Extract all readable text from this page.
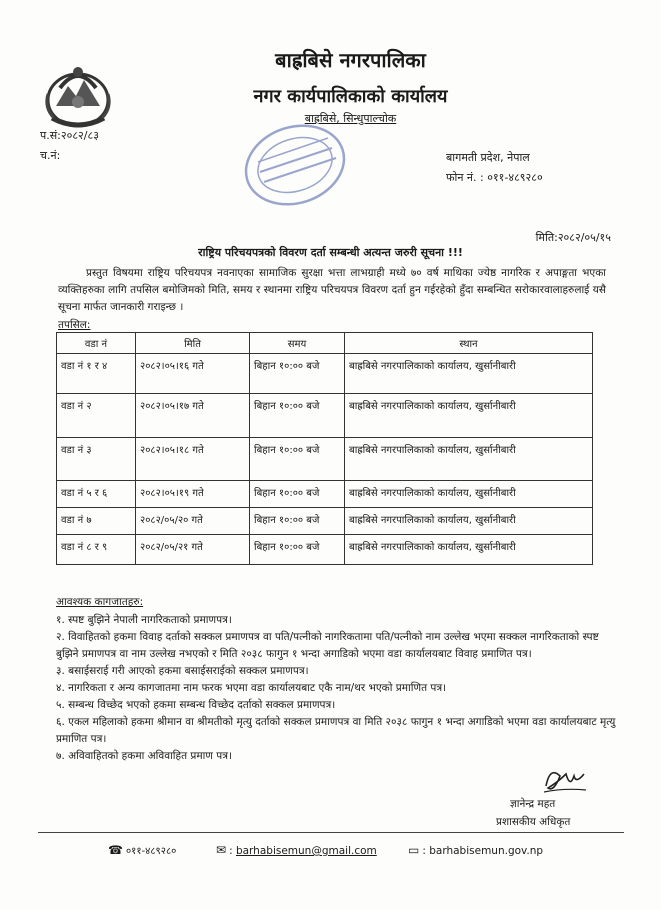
बाह्रबिसे नगरपालिका
नगर कार्यपालिकाको कार्यालय
बाह्रबिसे, सिन्धुपाल्चोक
प.सं:२०८२/८३
च.नं:	बागमती प्रदेश, नेपाल
फोन नं. : ०११-४८९२८०
मिति:२०८२/०५/१५
राष्ट्रिय परिचयपत्रको विवरण दर्ता सम्बन्धी अत्यन्त जरुरी सूचना !!!
प्रस्तुत विषयमा राष्ट्रिय परिचयपत्र नवनाएका सामाजिक सुरक्षा भत्ता लाभग्राही मध्ये ७० वर्ष माथिका ज्येष्ठ नागरिक र अपाङ्गता भएका व्यक्तिहरुका लागि तपसिल बमोजिमको मिति, समय र स्थानमा राष्ट्रिय परिचयपत्र विवरण दर्ता हुन गईरहेको हुँदा सम्बन्धित सरोकारवालाहरुलाई यसै सूचना मार्फत जानकारी गराइन्छ ।
तपसिल:
वडा नं	मिति	समय	स्थान
वडा नं १ र ४	२०८२।०५।१६ गते	बिहान १०:०० बजे	बाह्रबिसे नगरपालिकाको कार्यालय, खुर्सानीबारी
वडा नं २	२०८२।०५।१७ गते	बिहान १०:०० बजे	बाह्रबिसे नगरपालिकाको कार्यालय, खुर्सानीबारी
वडा नं ३	२०८२।०५।१८ गते	बिहान १०:०० बजे	बाह्रबिसे नगरपालिकाको कार्यालय, खुर्सानीबारी
वडा नं ५ र ६	२०८२।०५।१९ गते	बिहान १०:०० बजे	बाह्रबिसे नगरपालिकाको कार्यालय, खुर्सानीबारी
वडा नं ७	२०८२/०५/२० गते	बिहान १०:०० बजे	बाह्रबिसे नगरपालिकाको कार्यालय, खुर्सानीबारी
वडा नं ८ र ९	२०८२/०५/२१ गते	बिहान १०:०० बजे	बाह्रबिसे नगरपालिकाको कार्यालय, खुर्सानीबारी
आवश्यक कागजातहरु:
१. स्पष्ट बुझिने नेपाली नागरिकताको प्रमाणपत्र।
२. विवाहितको हकमा विवाह दर्ताको सक्कल प्रमाणपत्र वा पति/पत्नीको नागरिकतामा पति/पत्नीको नाम उल्लेख भएमा सक्कल नागरिकताको स्पष्ट बुझिने प्रमाणपत्र वा नाम उल्लेख नभएको र मिति २०३८ फागुन १ भन्दा अगाडिको भएमा वडा कार्यालयबाट विवाह प्रमाणित पत्र।
३. बसाईसराई गरी आएको हकमा बसाईसराईको सक्कल प्रमाणपत्र।
४. नागरिकता र अन्य कागजातमा नाम फरक भएमा वडा कार्यालयबाट एकै नाम/थर भएको प्रमाणित पत्र।
५. सम्बन्ध विच्छेद भएको हकमा सम्बन्ध विच्छेद दर्ताको सक्कल प्रमाणपत्र।
६. एकल महिलाको हकमा श्रीमान वा श्रीमतीको मृत्यु दर्ताको सक्कल प्रमाणपत्र वा मिति २०३८ फागुन १ भन्दा अगाडिको भएमा वडा कार्यालयबाट मृत्यु प्रमाणित पत्र।
७. अविवाहितको हकमा अविवाहित प्रमाण पत्र।
ज्ञानेन्द्र महत
प्रशासकीय अधिकृत
☎ ०११-४८९२८०	✉ : barhabisemun@gmail.com	▭ : barhabisemun.gov.np
